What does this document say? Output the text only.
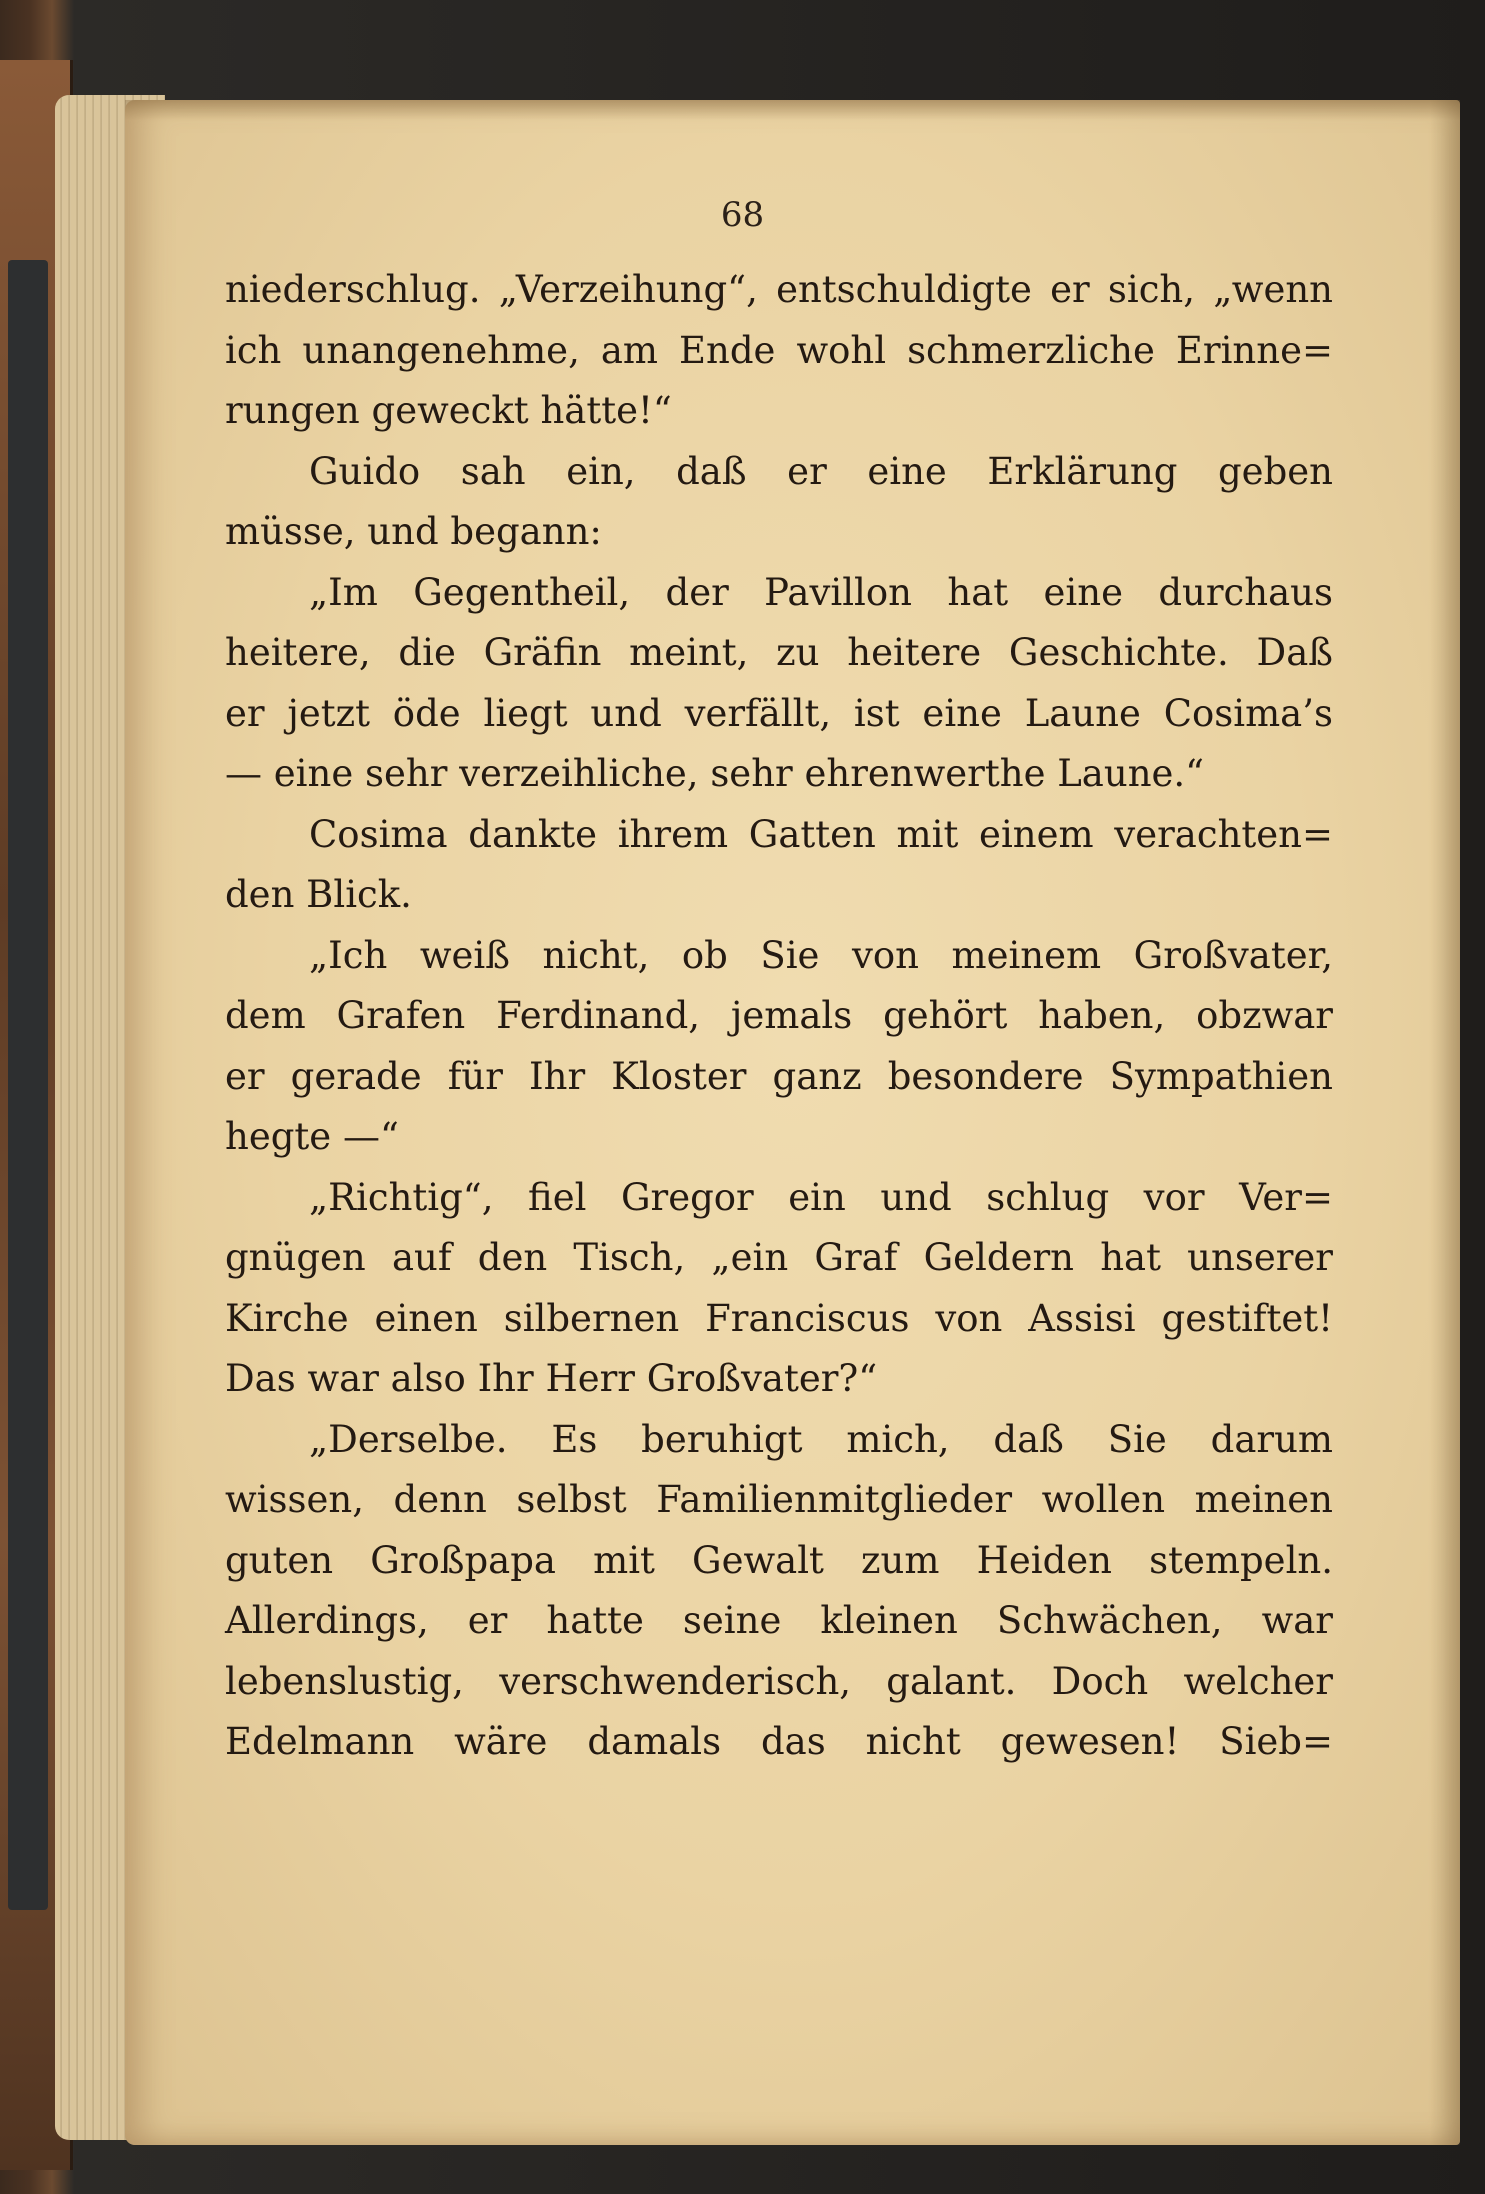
68
niederschlug. „Verzeihung“, entschuldigte er sich, „wenn
ich unangenehme, am Ende wohl schmerzliche Erinne=
rungen geweckt hätte!“
Guido sah ein, daß er eine Erklärung geben
müsse, und begann:
„Im Gegentheil, der Pavillon hat eine durchaus
heitere, die Gräfin meint, zu heitere Geschichte. Daß
er jetzt öde liegt und verfällt, ist eine Laune Cosima’s
— eine sehr verzeihliche, sehr ehrenwerthe Laune.“
Cosima dankte ihrem Gatten mit einem verachten=
den Blick.
„Ich weiß nicht, ob Sie von meinem Großvater,
dem Grafen Ferdinand, jemals gehört haben, obzwar
er gerade für Ihr Kloster ganz besondere Sympathien
hegte —“
„Richtig“, fiel Gregor ein und schlug vor Ver=
gnügen auf den Tisch, „ein Graf Geldern hat unserer
Kirche einen silbernen Franciscus von Assisi gestiftet!
Das war also Ihr Herr Großvater?“
„Derselbe. Es beruhigt mich, daß Sie darum
wissen, denn selbst Familienmitglieder wollen meinen
guten Großpapa mit Gewalt zum Heiden stempeln.
Allerdings, er hatte seine kleinen Schwächen, war
lebenslustig, verschwenderisch, galant. Doch welcher
Edelmann wäre damals das nicht gewesen! Sieb=
